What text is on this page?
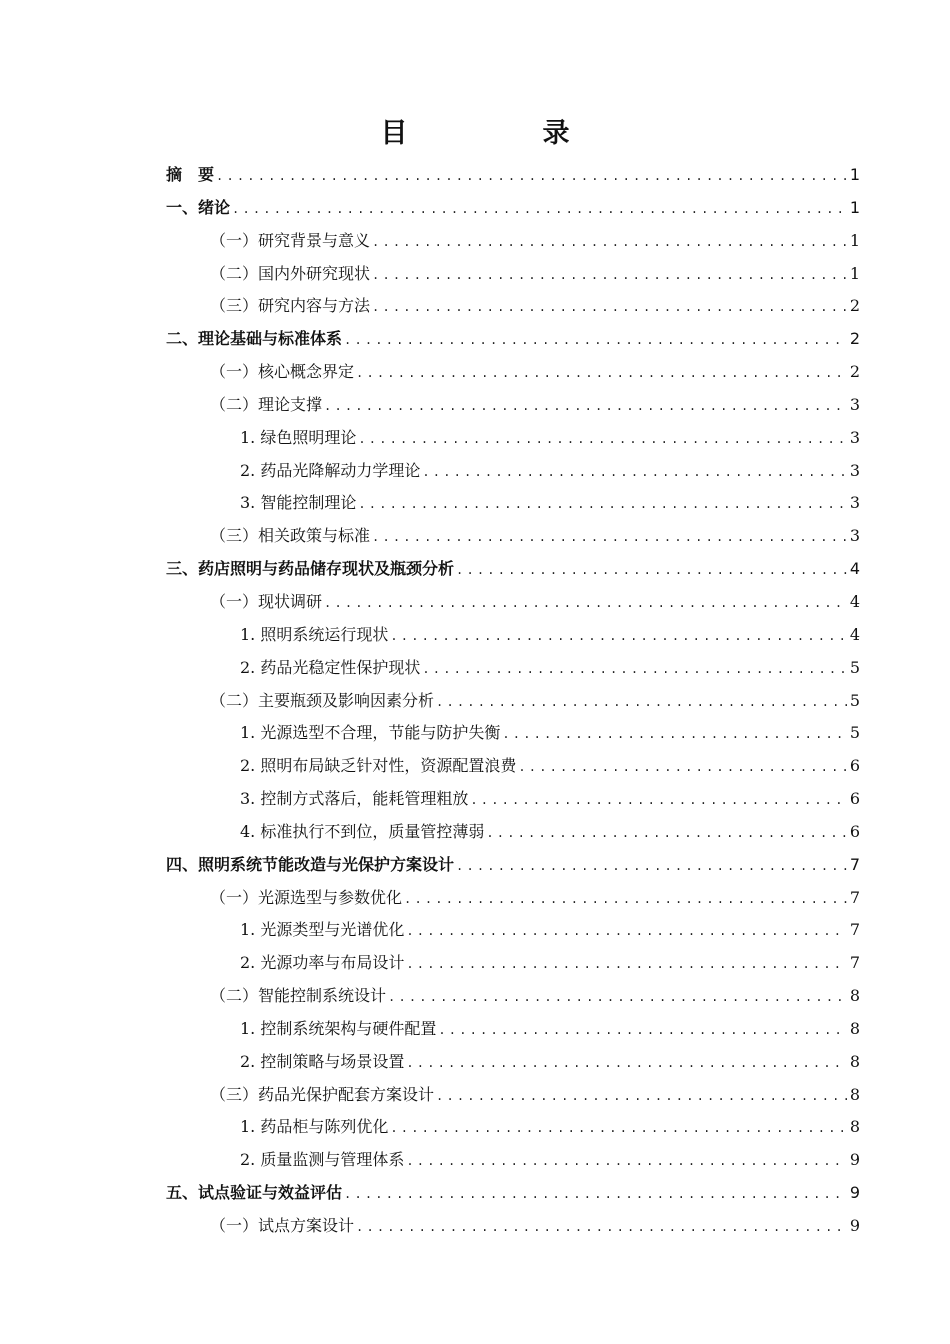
目　录
摘　要 .....	1
一、绪论 .....	1
（一）研究背景与意义 .....	1
（二）国内外研究现状 .....	1
（三）研究内容与方法 .....	2
二、理论基础与标准体系 .....	2
（一）核心概念界定 .....	2
（二）理论支撑 .....	3
1. 绿色照明理论 .....	3
2. 药品光降解动力学理论 .....	3
3. 智能控制理论 .....	3
（三）相关政策与标准 .....	3
三、药店照明与药品储存现状及瓶颈分析 .....	4
（一）现状调研 .....	4
1. 照明系统运行现状 .....	4
2. 药品光稳定性保护现状 .....	5
（二）主要瓶颈及影响因素分析 .....	5
1. 光源选型不合理，节能与防护失衡 .....	5
2. 照明布局缺乏针对性，资源配置浪费 .....	6
3. 控制方式落后，能耗管理粗放 .....	6
4. 标准执行不到位，质量管控薄弱 .....	6
四、照明系统节能改造与光保护方案设计 .....	7
（一）光源选型与参数优化 .....	7
1. 光源类型与光谱优化 .....	7
2. 光源功率与布局设计 .....	7
（二）智能控制系统设计 .....	8
1. 控制系统架构与硬件配置 .....	8
2. 控制策略与场景设置 .....	8
（三）药品光保护配套方案设计 .....	8
1. 药品柜与陈列优化 .....	8
2. 质量监测与管理体系 .....	9
五、试点验证与效益评估 .....	9
（一）试点方案设计 .....	9
